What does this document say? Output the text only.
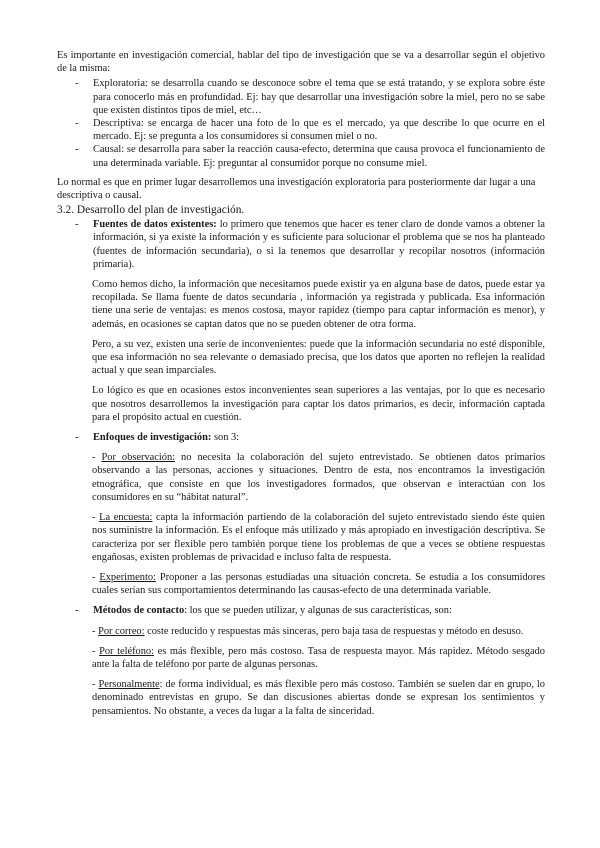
Es importante en investigación comercial, hablar del tipo de investigación que se va a desarrollar según el objetivo de la misma:

- Exploratoria: se desarrolla cuando se desconoce sobre el tema que se está tratando, y se explora sobre éste para conocerlo más en profundidad. Ej: hay que desarrollar una investigación sobre la miel, pero no se sabe que existen distintos tipos de miel, etc…
- Descriptiva: se encarga de hacer una foto de lo que es el mercado, ya que describe lo que ocurre en el mercado. Ej: se pregunta a los consumidores si consumen miel o no.
- Causal: se desarrolla para saber la reacción causa-efecto, determina que causa provoca el funcionamiento de una determinada variable. Ej: preguntar al consumidor porque no consume miel.

Lo normal es que en primer lugar desarrollemos una investigación exploratoria para posteriormente dar lugar a una descriptiva o causal.

3.2. Desarrollo del plan de investigación.
- Fuentes de datos existentes: lo primero que tenemos que hacer es tener claro de donde vamos a obtener la información, si ya existe la información y es suficiente para solucionar el problema que se nos ha planteado (fuentes de información secundaria), o si la tenemos que desarrollar y recopilar nosotros (información primaria).

Como hemos dicho, la información que necesitamos puede existir ya en alguna base de datos, puede estar ya recopilada. Se llama fuente de datos secundaria , información ya registrada y publicada. Esa información tiene una serie de ventajas: es menos costosa, mayor rapidez (tiempo para captar información es menor), y además, en ocasiones se captan datos que no se pueden obtener de otra forma.

Pero, a su vez, existen una serie de inconvenientes: puede que la información secundaria no esté disponible, que esa información no sea relevante o demasiado precisa, que los datos que aporten no reflejen la realidad actual y que sean imparciales.

Lo lógico es que en ocasiones estos inconvenientes sean superiores a las ventajas, por lo que es necesario que nosotros desarrollemos la investigación para captar los datos primarios, es decir, información captada para el propósito actual en cuestión.

- Enfoques de investigación: son 3:

- Por observación: no necesita la colaboración del sujeto entrevistado. Se obtienen datos primarios observando a las personas, acciones y situaciones. Dentro de esta, nos encontramos la investigación etnográfica, que consiste en que los investigadores formados, que observan e interactúan con los consumidores en su “hábitat natural”.

- La encuesta: capta la información partiendo de la colaboración del sujeto entrevistado siendo éste quien nos suministre la información. Es el enfoque más utilizado y más apropiado en investigación descriptiva. Se caracteriza por ser flexible pero también porque tiene los problemas de que a veces se obtiene respuestas engañosas, existen problemas de privacidad e incluso falta de respuesta.

- Experimento: Proponer a las personas estudiadas una situación concreta. Se estudia a los consumidores cuales serían sus comportamientos determinando las causas-efecto de una determinada variable.

- Métodos de contacto: los que se pueden utilizar, y algunas de sus características, son:

- Por correo: coste reducido y respuestas más sinceras, pero baja tasa de respuestas y método en desuso.

- Por teléfono: es más flexible, pero más costoso. Tasa de respuesta mayor. Más rapidez. Método sesgado ante la falta de teléfono por parte de algunas personas.

- Personalmente: de forma individual, es más flexible pero más costoso. También se suelen dar en grupo, lo denominado entrevistas en grupo. Se dan discusiones abiertas donde se expresan los sentimientos y pensamientos. No obstante, a veces da lugar a la falta de sinceridad.
